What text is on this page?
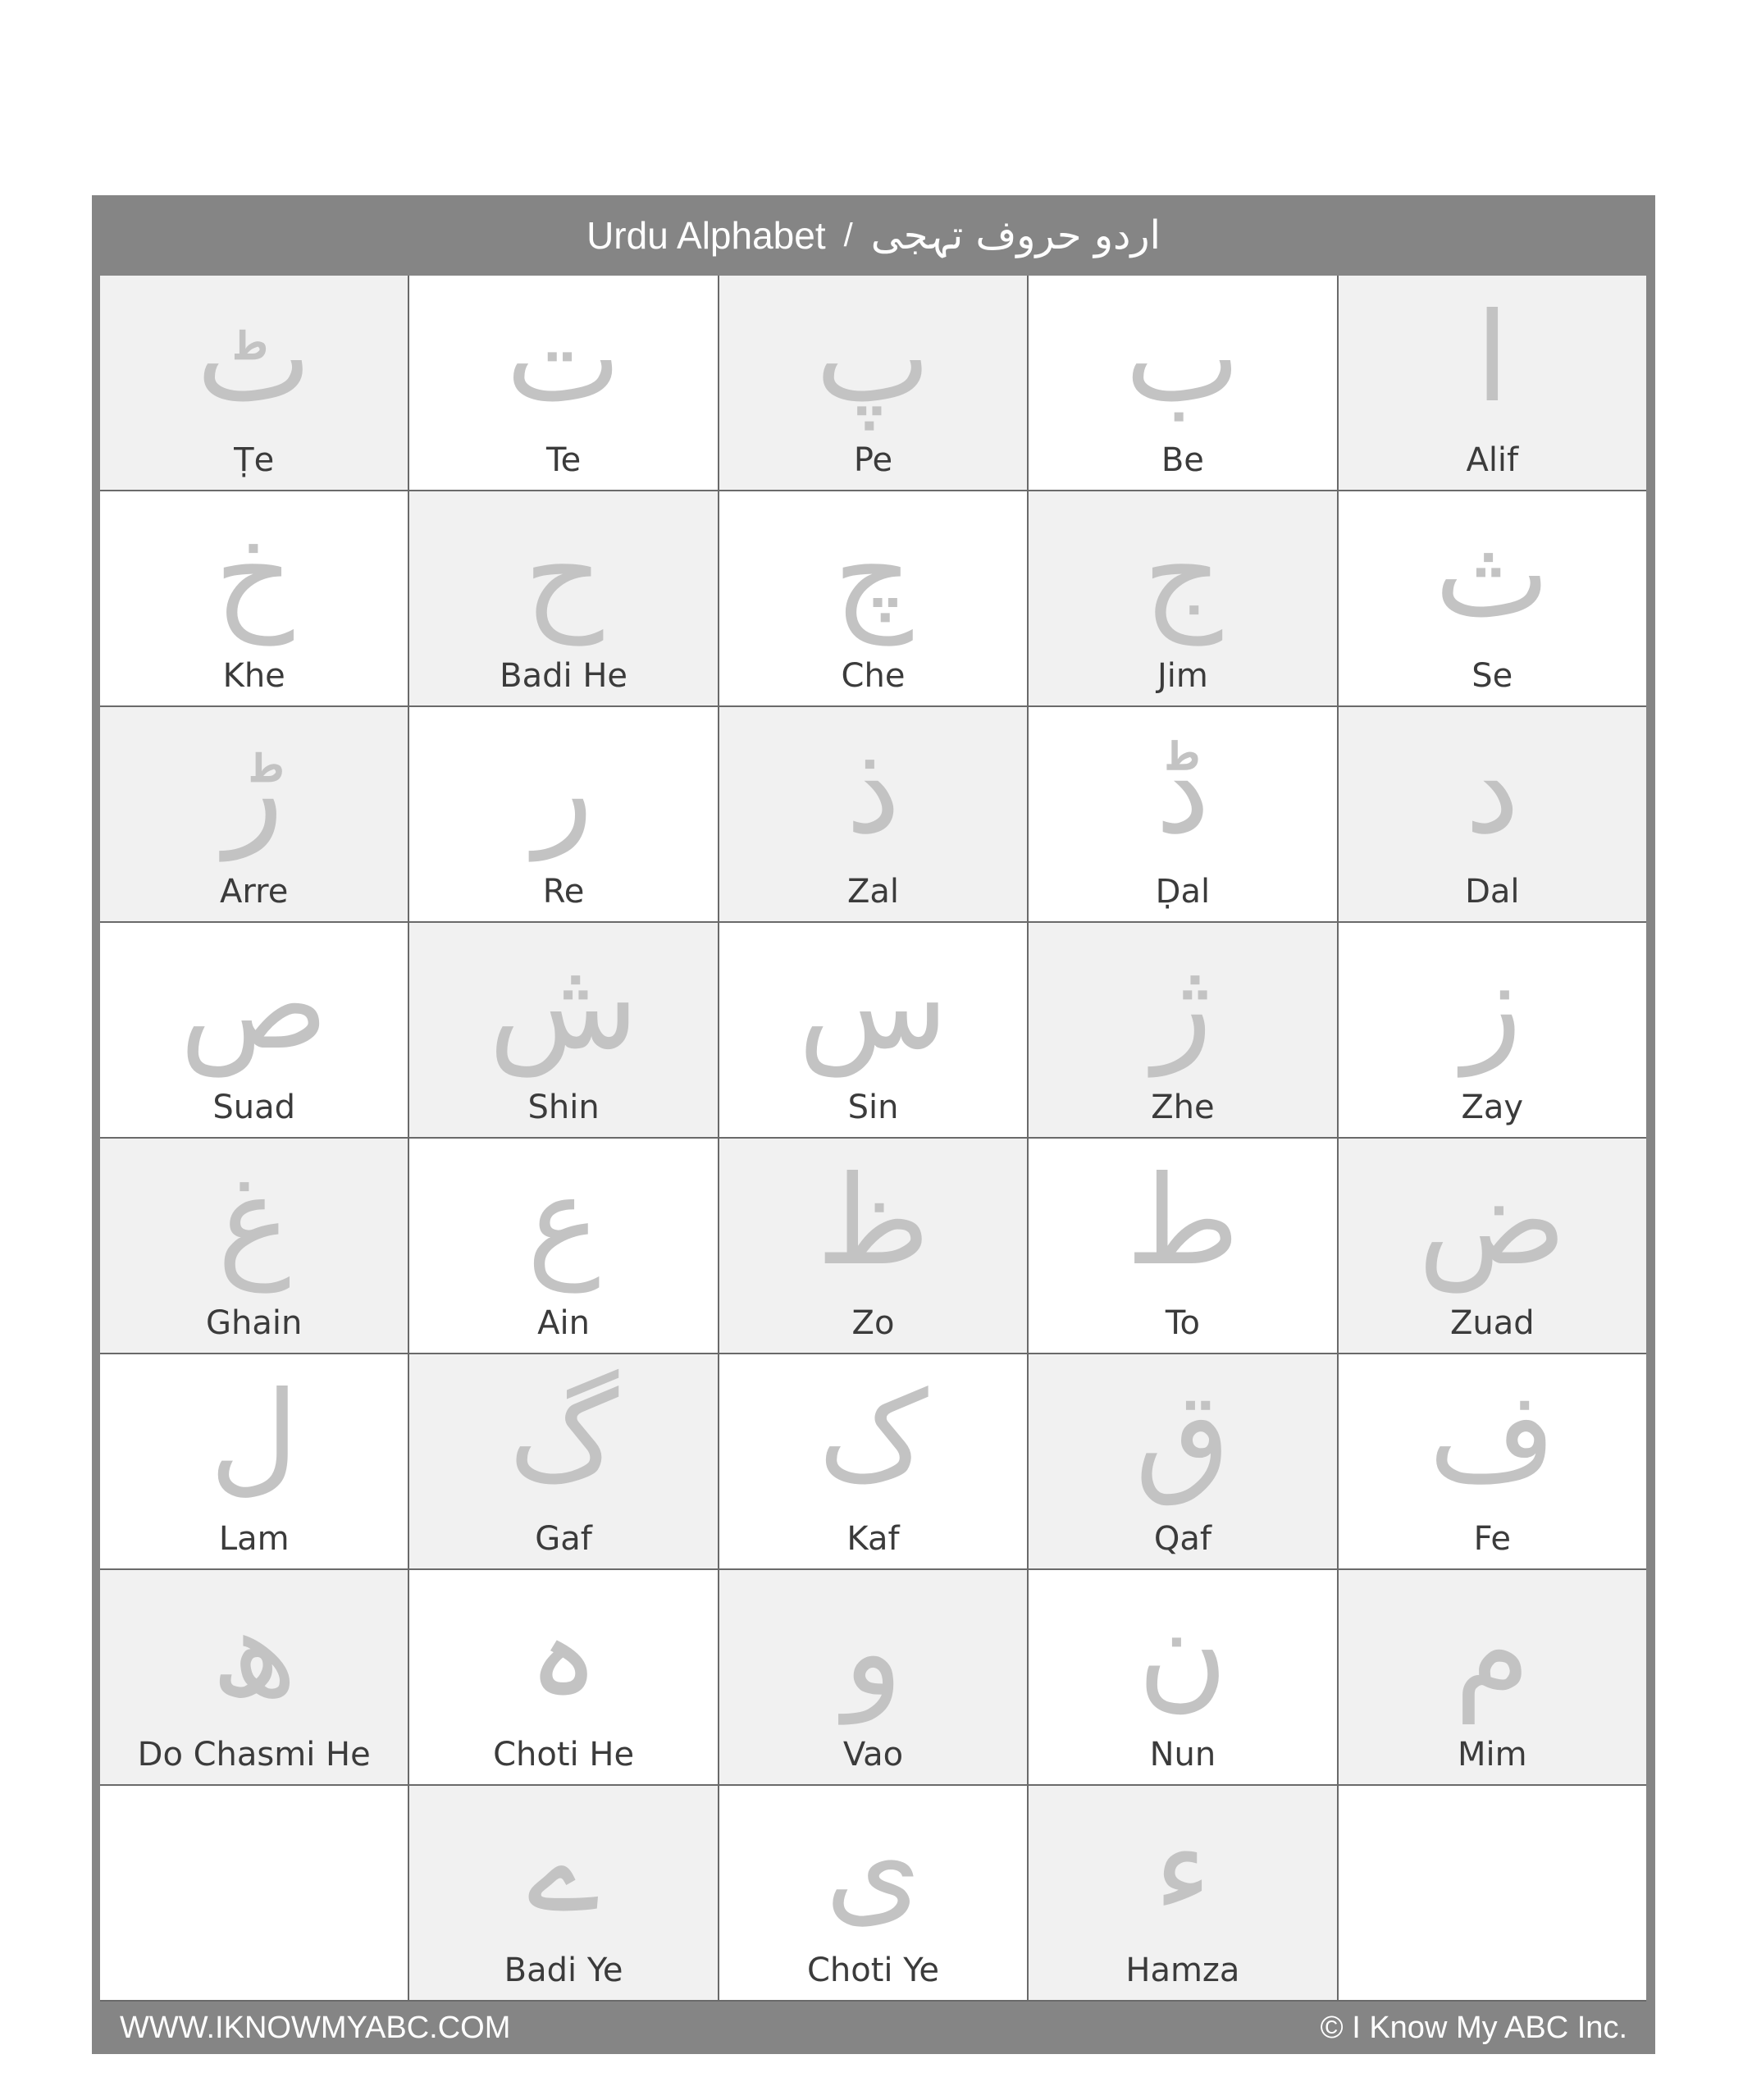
Urdu Alphabet / اردو حروف تہجی
ٹ
Ṭe
ت
Te
پ
Pe
ب
Be
ا
Alif
خ
Khe
ح
Badi He
چ
Che
ج
Jim
ث
Se
ڑ
Arre
ر
Re
ذ
Zal
ڈ
Ḍal
د
Dal
ص
Suad
ش
Shin
س
Sin
ژ
Zhe
ز
Zay
غ
Ghain
ع
Ain
ظ
Zo
ط
To
ض
Zuad
ل
Lam
گ
Gaf
ک
Kaf
ق
Qaf
ف
Fe
ھ
Do Chasmi He
ہ
Choti He
و
Vao
ن
Nun
م
Mim
ے
Badi Ye
ی
Choti Ye
ء
Hamza
WWW.IKNOWMYABC.COM	© I Know My ABC Inc.
